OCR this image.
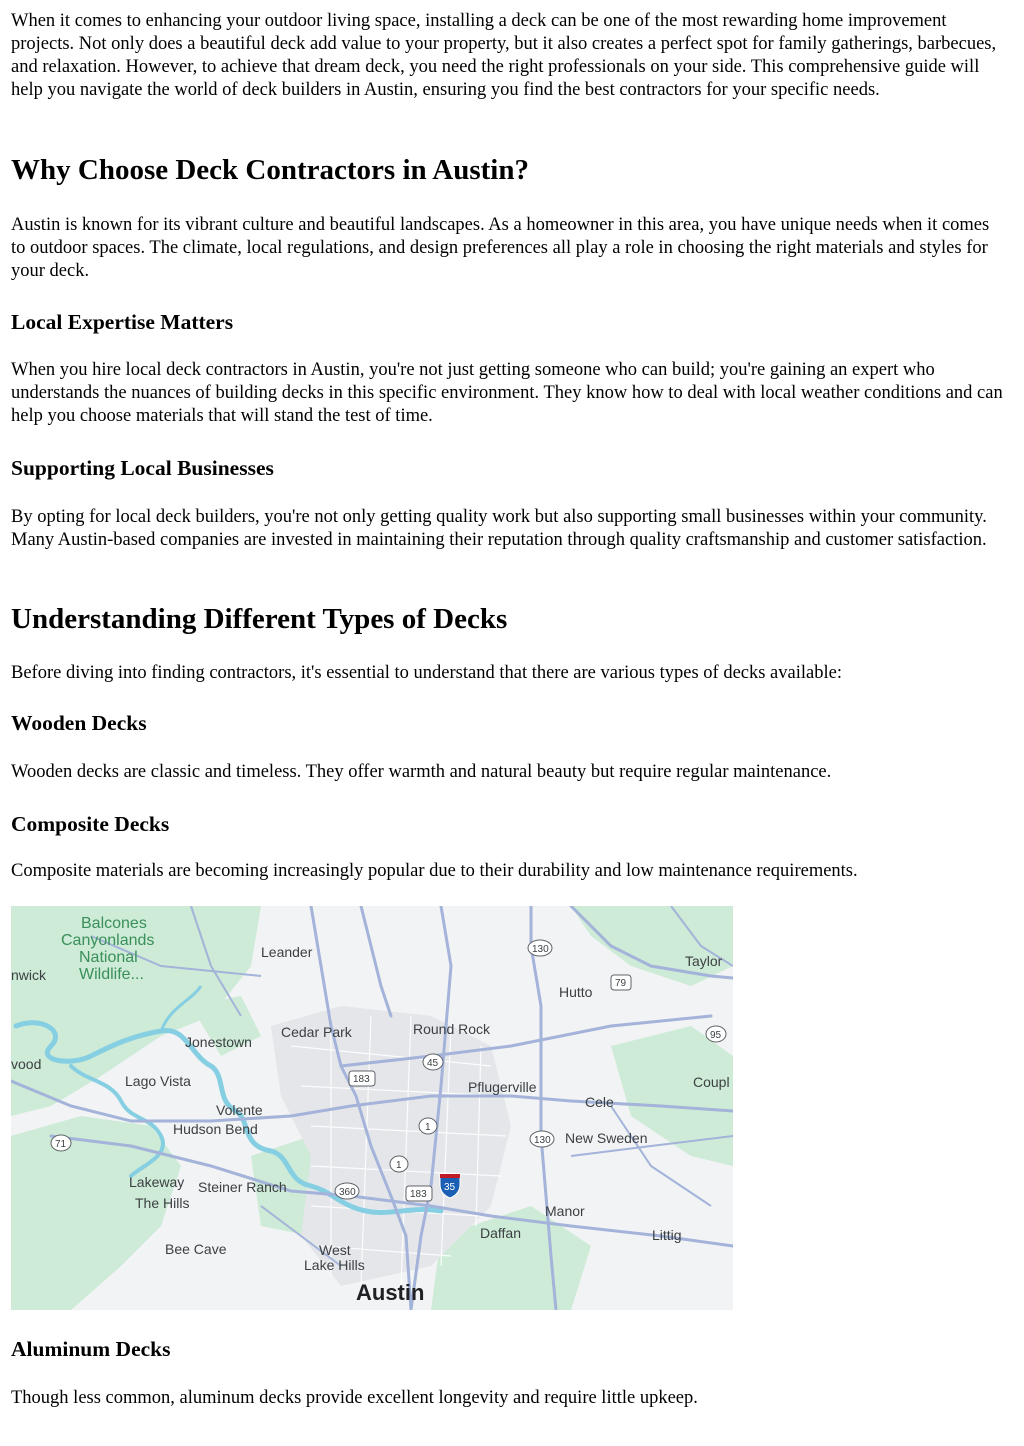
When it comes to enhancing your outdoor living space, installing a deck can be one of the most rewarding home improvement projects. Not only does a beautiful deck add value to your property, but it also creates a perfect spot for family gatherings, barbecues, and relaxation. However, to achieve that dream deck, you need the right professionals on your side. This comprehensive guide will help you navigate the world of deck builders in Austin, ensuring you find the best contractors for your specific needs.

Why Choose Deck Contractors in Austin?

Austin is known for its vibrant culture and beautiful landscapes. As a homeowner in this area, you have unique needs when it comes to outdoor spaces. The climate, local regulations, and design preferences all play a role in choosing the right materials and styles for your deck.

Local Expertise Matters

When you hire local deck contractors in Austin, you're not just getting someone who can build; you're gaining an expert who understands the nuances of building decks in this specific environment. They know how to deal with local weather conditions and can help you choose materials that will stand the test of time.

Supporting Local Businesses

By opting for local deck builders, you're not only getting quality work but also supporting small businesses within your community. Many Austin-based companies are invested in maintaining their reputation through quality craftsmanship and customer satisfaction.

Understanding Different Types of Decks

Before diving into finding contractors, it's essential to understand that there are various types of decks available:

Wooden Decks

Wooden decks are classic and timeless. They offer warmth and natural beauty but require regular maintenance.

Composite Decks

Composite materials are becoming increasingly popular due to their durability and low maintenance requirements.

Balcones
Canyonlands
National
Wildlife...
Leander
Taylor
Hutto
nwick
Cedar Park	Round Rock
Jonestown
vood
Pflugerville
Lago Vista	Coupl
Cele
Volente
Hudson Bend
New Sweden
Lakeway Steiner Ranch
The Hills	Manor
Daffan	Littig
Bee Cave	West
Lake Hills
Austin
130
79
95
45
183
1
71	130
1
360	183
35
Aluminum Decks

Though less common, aluminum decks provide excellent longevity and require little upkeep.
